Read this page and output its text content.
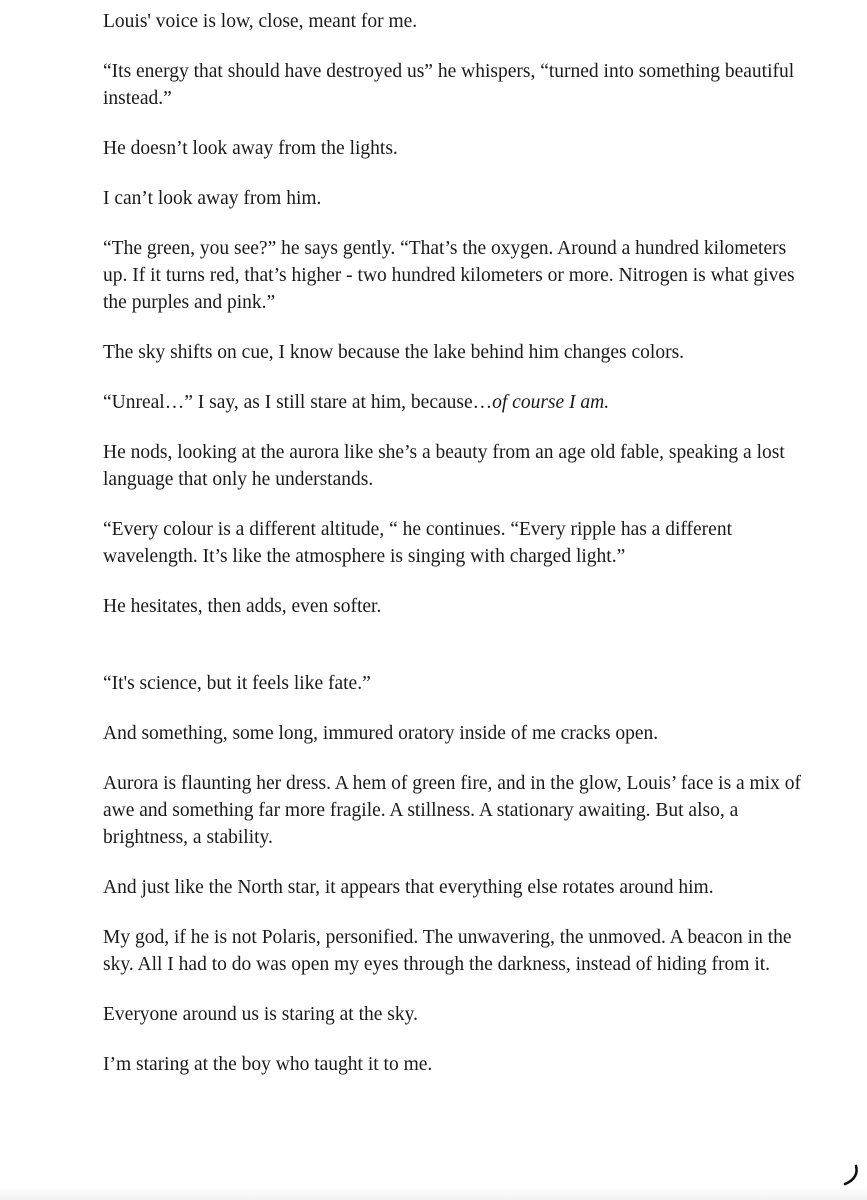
Louis' voice is low, close, meant for me.

“Its energy that should have destroyed us” he whispers, “turned into something beautiful instead.”

He doesn’t look away from the lights.

I can’t look away from him.

“The green, you see?” he says gently. “That’s the oxygen. Around a hundred kilometers up. If it turns red, that’s higher - two hundred kilometers or more. Nitrogen is what gives the purples and pink.”

The sky shifts on cue, I know because the lake behind him changes colors.

“Unreal…” I say, as I still stare at him, because…of course I am.

He nods, looking at the aurora like she’s a beauty from an age old fable, speaking a lost language that only he understands.

“Every colour is a different altitude, “ he continues. “Every ripple has a different wavelength. It’s like the atmosphere is singing with charged light.”

He hesitates, then adds, even softer.

“It's science, but it feels like fate.”

And something, some long, immured oratory inside of me cracks open.

Aurora is flaunting her dress. A hem of green fire, and in the glow, Louis’ face is a mix of awe and something far more fragile. A stillness. A stationary awaiting. But also, a brightness, a stability.

And just like the North star, it appears that everything else rotates around him.

My god, if he is not Polaris, personified. The unwavering, the unmoved. A beacon in the sky. All I had to do was open my eyes through the darkness, instead of hiding from it.

Everyone around us is staring at the sky.

I’m staring at the boy who taught it to me.
